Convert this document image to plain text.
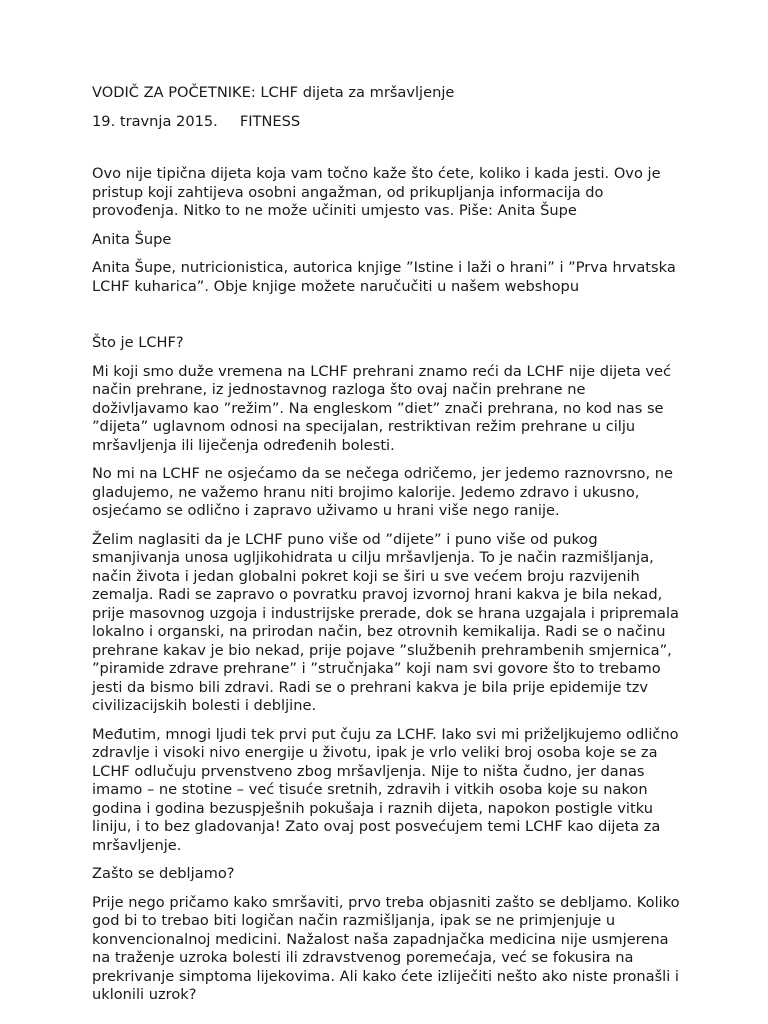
VODIČ ZA POČETNIKE: LCHF dijeta za mršavljenje

19. travnja 2015. FITNESS

Ovo nije tipična dijeta koja vam točno kaže što ćete, koliko i kada jesti. Ovo je pristup koji zahtijeva osobni angažman, od prikupljanja informacija do provođenja. Nitko to ne može učiniti umjesto vas. Piše: Anita Šupe

Anita Šupe

Anita Šupe, nutricionistica, autorica knjige ”Istine i laži o hrani” i ”Prva hrvatska LCHF kuharica”. Obje knjige možete naručučiti u našem webshopu

Što je LCHF?

Mi koji smo duže vremena na LCHF prehrani znamo reći da LCHF nije dijeta već način prehrane, iz jednostavnog razloga što ovaj način prehrane ne doživljavamo kao ”režim”. Na engleskom ”diet” znači prehrana, no kod nas se ”dijeta” uglavnom odnosi na specijalan, restriktivan režim prehrane u cilju mršavljenja ili liječenja određenih bolesti.

No mi na LCHF ne osjećamo da se nečega odričemo, jer jedemo raznovrsno, ne gladujemo, ne važemo hranu niti brojimo kalorije. Jedemo zdravo i ukusno, osjećamo se odlično i zapravo uživamo u hrani više nego ranije.

Želim naglasiti da je LCHF puno više od ”dijete” i puno više od pukog smanjivanja unosa ugljikohidrata u cilju mršavljenja. To je način razmišljanja, način života i jedan globalni pokret koji se širi u sve većem broju razvijenih zemalja. Radi se zapravo o povratku pravoj izvornoj hrani kakva je bila nekad, prije masovnog uzgoja i industrijske prerade, dok se hrana uzgajala i pripremala lokalno i organski, na prirodan način, bez otrovnih kemikalija. Radi se o načinu prehrane kakav je bio nekad, prije pojave ”službenih prehrambenih smjernica”, ”piramide zdrave prehrane” i ”stručnjaka” koji nam svi govore što to trebamo jesti da bismo bili zdravi. Radi se o prehrani kakva je bila prije epidemije tzv civilizacijskih bolesti i debljine.

Međutim, mnogi ljudi tek prvi put čuju za LCHF. Iako svi mi priželjkujemo odlično zdravlje i visoki nivo energije u životu, ipak je vrlo veliki broj osoba koje se za LCHF odlučuju prvenstveno zbog mršavljenja. Nije to ništa čudno, jer danas imamo – ne stotine – već tisuće sretnih, zdravih i vitkih osoba koje su nakon godina i godina bezuspješnih pokušaja i raznih dijeta, napokon postigle vitku liniju, i to bez gladovanja! Zato ovaj post posvećujem temi LCHF kao dijeta za mršavljenje.

Zašto se debljamo?

Prije nego pričamo kako smršaviti, prvo treba objasniti zašto se debljamo. Koliko god bi to trebao biti logičan način razmišljanja, ipak se ne primjenjuje u konvencionalnoj medicini. Nažalost naša zapadnjačka medicina nije usmjerena na traženje uzroka bolesti ili zdravstvenog poremećaja, već se fokusira na prekrivanje simptoma lijekovima. Ali kako ćete izliječiti nešto ako niste pronašli i uklonili uzrok?
